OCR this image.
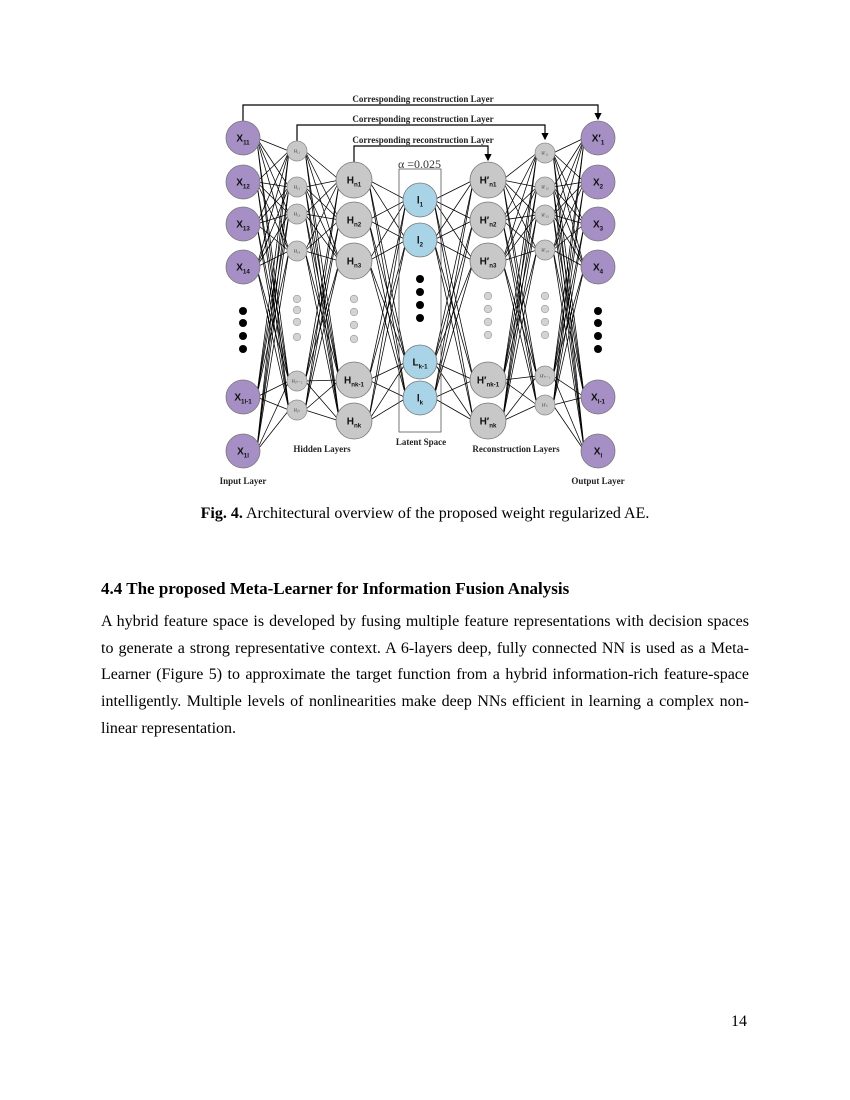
Corresponding reconstruction Layer
Corresponding reconstruction Layer
Corresponding reconstruction Layer
$X_{11}$
$X_{12}$
$X_{13}$
$X_{14}$
$X_{1l-1}$
$X_{1l}$
H₁₁
H₁₂
H₁₃
H₁₄
H₁ₖ₋₁
H₁ₖ
$H_{n1}$
$H_{n2}$
$H_{n3}$
$H_{nk-1}$
$H_{nk}$
$l_1$
$l_2$
$L_{k-1}$
$l_k$
$H'_{n1}$
$H'_{n2}$
$H'_{n3}$
$H'_{nk-1}$
$H'_{nk}$
H′₁₁
H′₁₂
H′₁₃
H′₁₄
H′ₖ₋₁
H′ₖ
$X'_1$
$X_2$
$X_3$
$X_4$
$X_{l-1}$
$X_l$
α =0.025
Input Layer
Hidden Layers
Latent Space
Reconstruction Layers
Output Layer
Fig. 4. Architectural overview of the proposed weight regularized AE.
4.4 The proposed Meta-Learner for Information Fusion Analysis
A hybrid feature space is developed by fusing multiple feature representations with decision spaces to generate a strong representative context. A 6-layers deep, fully connected NN is used as a Meta-Learner (Figure 5) to approximate the target function from a hybrid information-rich feature-space intelligently. Multiple levels of nonlinearities make deep NNs efficient in learning a complex non-linear representation.
14
